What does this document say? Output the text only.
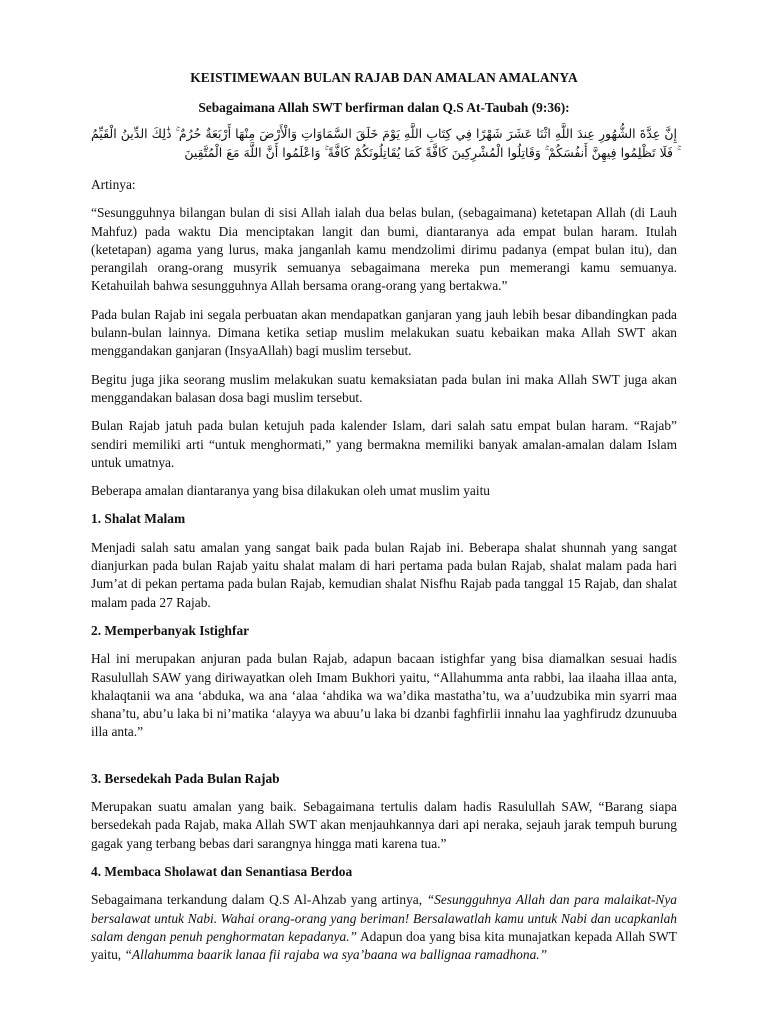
KEISTIMEWAAN BULAN RAJAB DAN AMALAN AMALANYA
Sebagaimana Allah SWT berfirman dalan Q.S At-Taubah (9:36):
إِنَّ عِدَّةَ الشُّهُورِ عِندَ اللَّهِ اثْنَا عَشَرَ شَهْرًا فِي كِتَابِ اللَّهِ يَوْمَ خَلَقَ السَّمَاوَاتِ وَالْأَرْضَ مِنْهَا أَرْبَعَةٌ حُرُمٌ ۚ ذَٰلِكَ الدِّينُ الْقَيِّمُ ۚ فَلَا تَظْلِمُوا فِيهِنَّ أَنفُسَكُمْ ۚ وَقَاتِلُوا الْمُشْرِكِينَ كَافَّةً كَمَا يُقَاتِلُونَكُمْ كَافَّةً ۚ وَاعْلَمُوا أَنَّ اللَّهَ مَعَ الْمُتَّقِينَ

Artinya:

“Sesungguhnya bilangan bulan di sisi Allah ialah dua belas bulan, (sebagaimana) ketetapan Allah (di Lauh Mahfuz) pada waktu Dia menciptakan langit dan bumi, diantaranya ada empat bulan haram. Itulah (ketetapan) agama yang lurus, maka janganlah kamu mendzolimi dirimu padanya (empat bulan itu), dan perangilah orang-orang musyrik semuanya sebagaimana mereka pun memerangi kamu semuanya. Ketahuilah bahwa sesungguhnya Allah bersama orang-orang yang bertakwa.”

Pada bulan Rajab ini segala perbuatan akan mendapatkan ganjaran yang jauh lebih besar dibandingkan pada bulann-bulan lainnya. Dimana ketika setiap muslim melakukan suatu kebaikan maka Allah SWT akan menggandakan ganjaran (InsyaAllah) bagi muslim tersebut.

Begitu juga jika seorang muslim melakukan suatu kemaksiatan pada bulan ini maka Allah SWT juga akan menggandakan balasan dosa bagi muslim tersebut.

Bulan Rajab jatuh pada bulan ketujuh pada kalender Islam, dari salah satu empat bulan haram. “Rajab” sendiri memiliki arti “untuk menghormati,” yang bermakna memiliki banyak amalan-amalan dalam Islam untuk umatnya.

Beberapa amalan diantaranya yang bisa dilakukan oleh umat muslim yaitu

1. Shalat Malam

Menjadi salah satu amalan yang sangat baik pada bulan Rajab ini. Beberapa shalat shunnah yang sangat dianjurkan pada bulan Rajab yaitu shalat malam di hari pertama pada bulan Rajab, shalat malam pada hari Jum’at di pekan pertama pada bulan Rajab, kemudian shalat Nisfhu Rajab pada tanggal 15 Rajab, dan shalat malam pada 27 Rajab.

2. Memperbanyak Istighfar

Hal ini merupakan anjuran pada bulan Rajab, adapun bacaan istighfar yang bisa diamalkan sesuai hadis Rasulullah SAW yang diriwayatkan oleh Imam Bukhori yaitu, “Allahumma anta rabbi, laa ilaaha illaa anta, khalaqtanii wa ana ‘abduka, wa ana ‘alaa ‘ahdika wa wa’dika mastatha’tu, wa a’uudzubika min syarri maa shana’tu, abu’u laka bi ni’matika ‘alayya wa abuu’u laka bi dzanbi faghfirlii innahu laa yaghfirudz dzunuuba illa anta.”

3. Bersedekah Pada Bulan Rajab

Merupakan suatu amalan yang baik. Sebagaimana tertulis dalam hadis Rasulullah SAW, “Barang siapa bersedekah pada Rajab, maka Allah SWT akan menjauhkannya dari api neraka, sejauh jarak tempuh burung gagak yang terbang bebas dari sarangnya hingga mati karena tua.”

4. Membaca Sholawat dan Senantiasa Berdoa

Sebagaimana terkandung dalam Q.S Al-Ahzab yang artinya, “Sesungguhnya Allah dan para malaikat-Nya bersalawat untuk Nabi. Wahai orang-orang yang beriman! Bersalawatlah kamu untuk Nabi dan ucapkanlah salam dengan penuh penghormatan kepadanya.” Adapun doa yang bisa kita munajatkan kepada Allah SWT yaitu, “Allahumma baarik lanaa fii rajaba wa sya’baana wa ballignaa ramadhona.”
